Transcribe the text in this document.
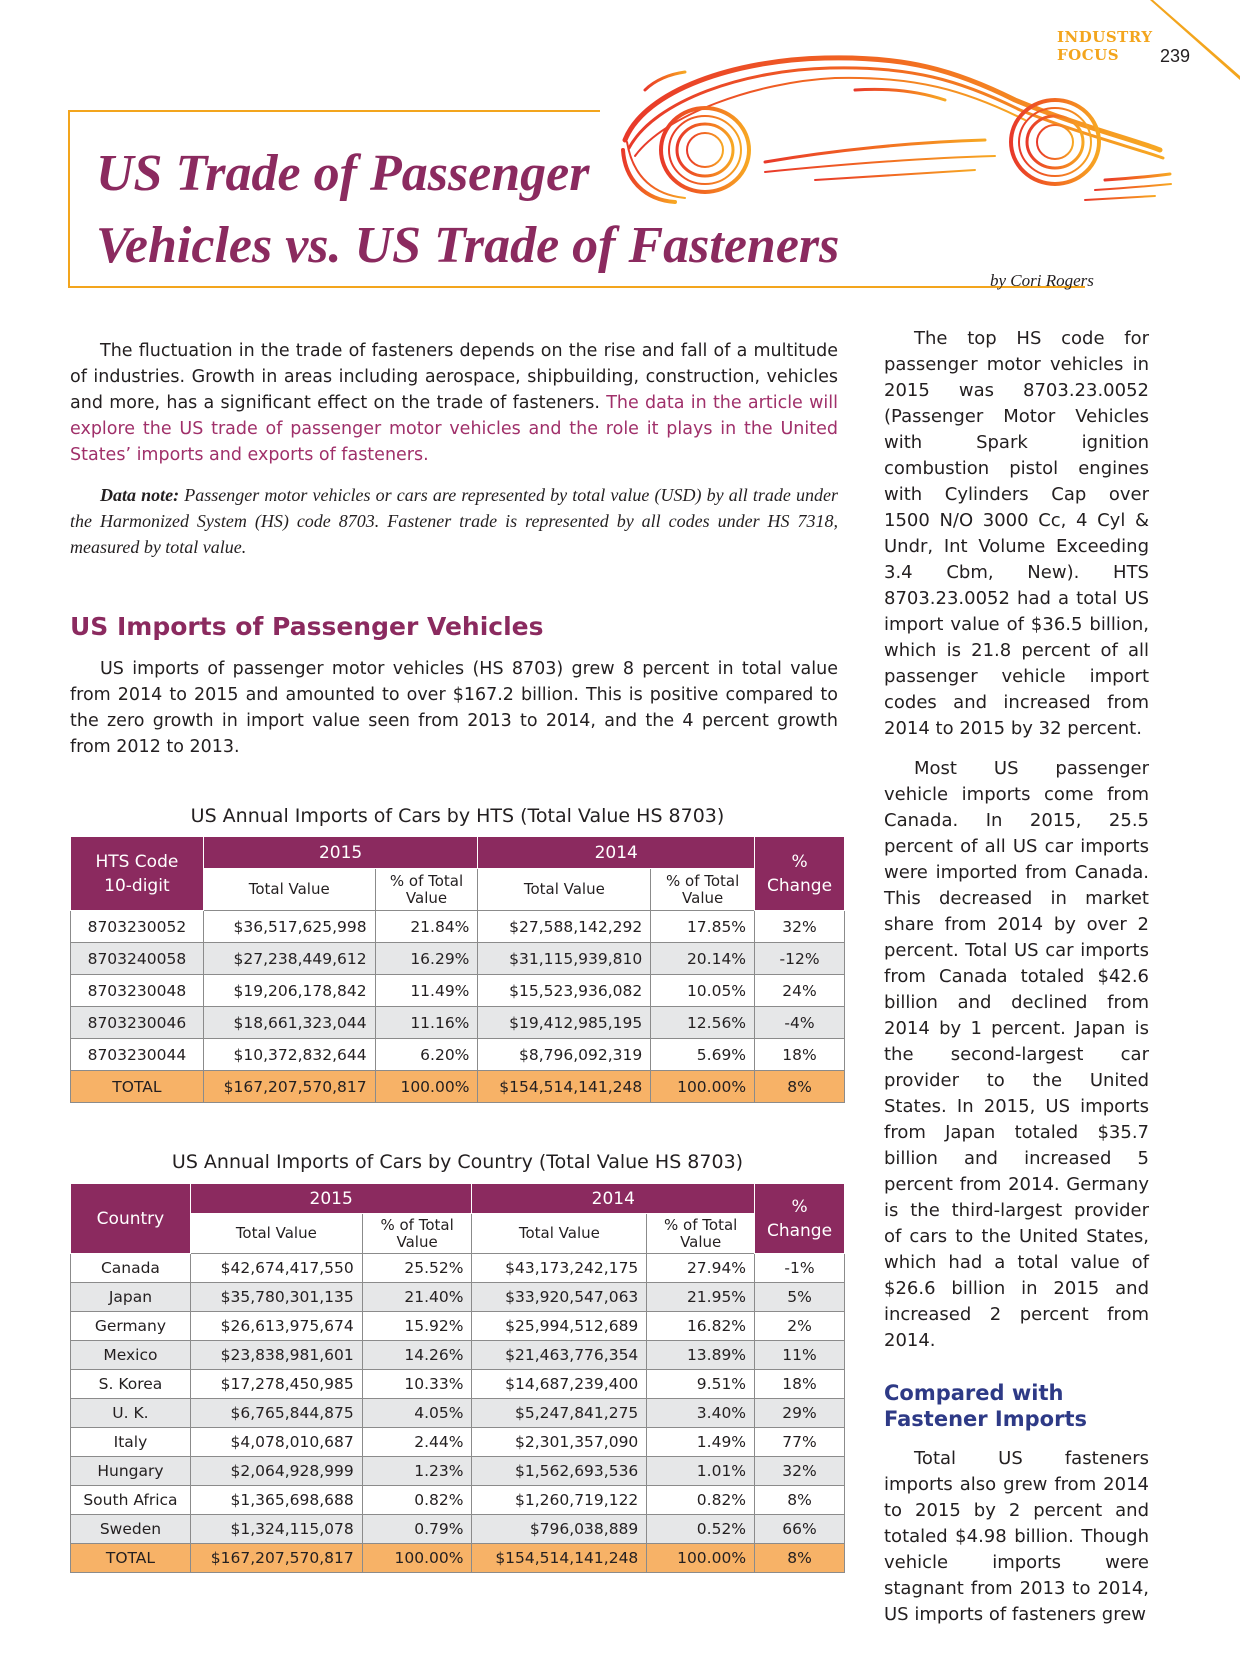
INDUSTRY
FOCUS	239
US Trade of Passenger
Vehicles vs. US Trade of Fasteners
by Cori Rogers

The fluctuation in the trade of fasteners depends on the rise and fall of a multitude of industries. Growth in areas including aerospace, shipbuilding, construction, vehicles and more, has a significant effect on the trade of fasteners. The data in the article will explore the US trade of passenger motor vehicles and the role it plays in the United States’ imports and exports of fasteners.

Data note: Passenger motor vehicles or cars are represented by total value (USD) by all trade under the Harmonized System (HS) code 8703. Fastener trade is represented by all codes under HS 7318, measured by total value.

US Imports of Passenger Vehicles

US imports of passenger motor vehicles (HS 8703) grew 8 percent in total value from 2014 to 2015 and amounted to over $167.2 billion. This is positive compared to the zero growth in import value seen from 2013 to 2014, and the 4 percent growth from 2012 to 2013.

US Annual Imports of Cars by HTS (Total Value HS 8703)
HTS Code 10-digit	2015		2014		% Change
	Total Value	% of Total Value	Total Value	% of Total Value	
8703230052	$36,517,625,998	21.84%	$27,588,142,292	17.85%	32%
8703240058	$27,238,449,612	16.29%	$31,115,939,810	20.14%	-12%
8703230048	$19,206,178,842	11.49%	$15,523,936,082	10.05%	24%
8703230046	$18,661,323,044	11.16%	$19,412,985,195	12.56%	-4%
8703230044	$10,372,832,644	6.20%	$8,796,092,319	5.69%	18%
TOTAL	$167,207,570,817	100.00%	$154,514,141,248	100.00%	8%
US Annual Imports of Cars by Country (Total Value HS 8703)
Country	2015		2014		% Change
	Total Value	% of Total Value	Total Value	% of Total Value	
Canada	$42,674,417,550	25.52%	$43,173,242,175	27.94%	-1%
Japan	$35,780,301,135	21.40%	$33,920,547,063	21.95%	5%
Germany	$26,613,975,674	15.92%	$25,994,512,689	16.82%	2%
Mexico	$23,838,981,601	14.26%	$21,463,776,354	13.89%	11%
S. Korea	$17,278,450,985	10.33%	$14,687,239,400	9.51%	18%
U. K.	$6,765,844,875	4.05%	$5,247,841,275	3.40%	29%
Italy	$4,078,010,687	2.44%	$2,301,357,090	1.49%	77%
Hungary	$2,064,928,999	1.23%	$1,562,693,536	1.01%	32%
South Africa	$1,365,698,688	0.82%	$1,260,719,122	0.82%	8%
Sweden	$1,324,115,078	0.79%	$796,038,889	0.52%	66%
TOTAL	$167,207,570,817	100.00%	$154,514,141,248	100.00%	8%

The top HS code for passenger motor vehicles in 2015 was 8703.23.0052 (Passenger Motor Vehicles with Spark ignition combustion pistol engines with Cylinders Cap over 1500 N/O 3000 Cc, 4 Cyl & Undr, Int Volume Exceeding 3.4 Cbm, New). HTS 8703.23.0052 had a total US import value of $36.5 billion, which is 21.8 percent of all passenger vehicle import codes and increased from 2014 to 2015 by 32 percent.

Most US passenger vehicle imports come from Canada. In 2015, 25.5 percent of all US car imports were imported from Canada. This decreased in market share from 2014 by over 2 percent. Total US car imports from Canada totaled $42.6 billion and declined from 2014 by 1 percent. Japan is the second-largest car provider to the United States. In 2015, US imports from Japan totaled $35.7 billion and increased 5 percent from 2014. Germany is the third-largest provider of cars to the United States, which had a total value of $26.6 billion in 2015 and increased 2 percent from 2014.

Compared with Fastener Imports

Total US fasteners imports also grew from 2014 to 2015 by 2 percent and totaled $4.98 billion. Though vehicle imports were stagnant from 2013 to 2014, US imports of fasteners grew
